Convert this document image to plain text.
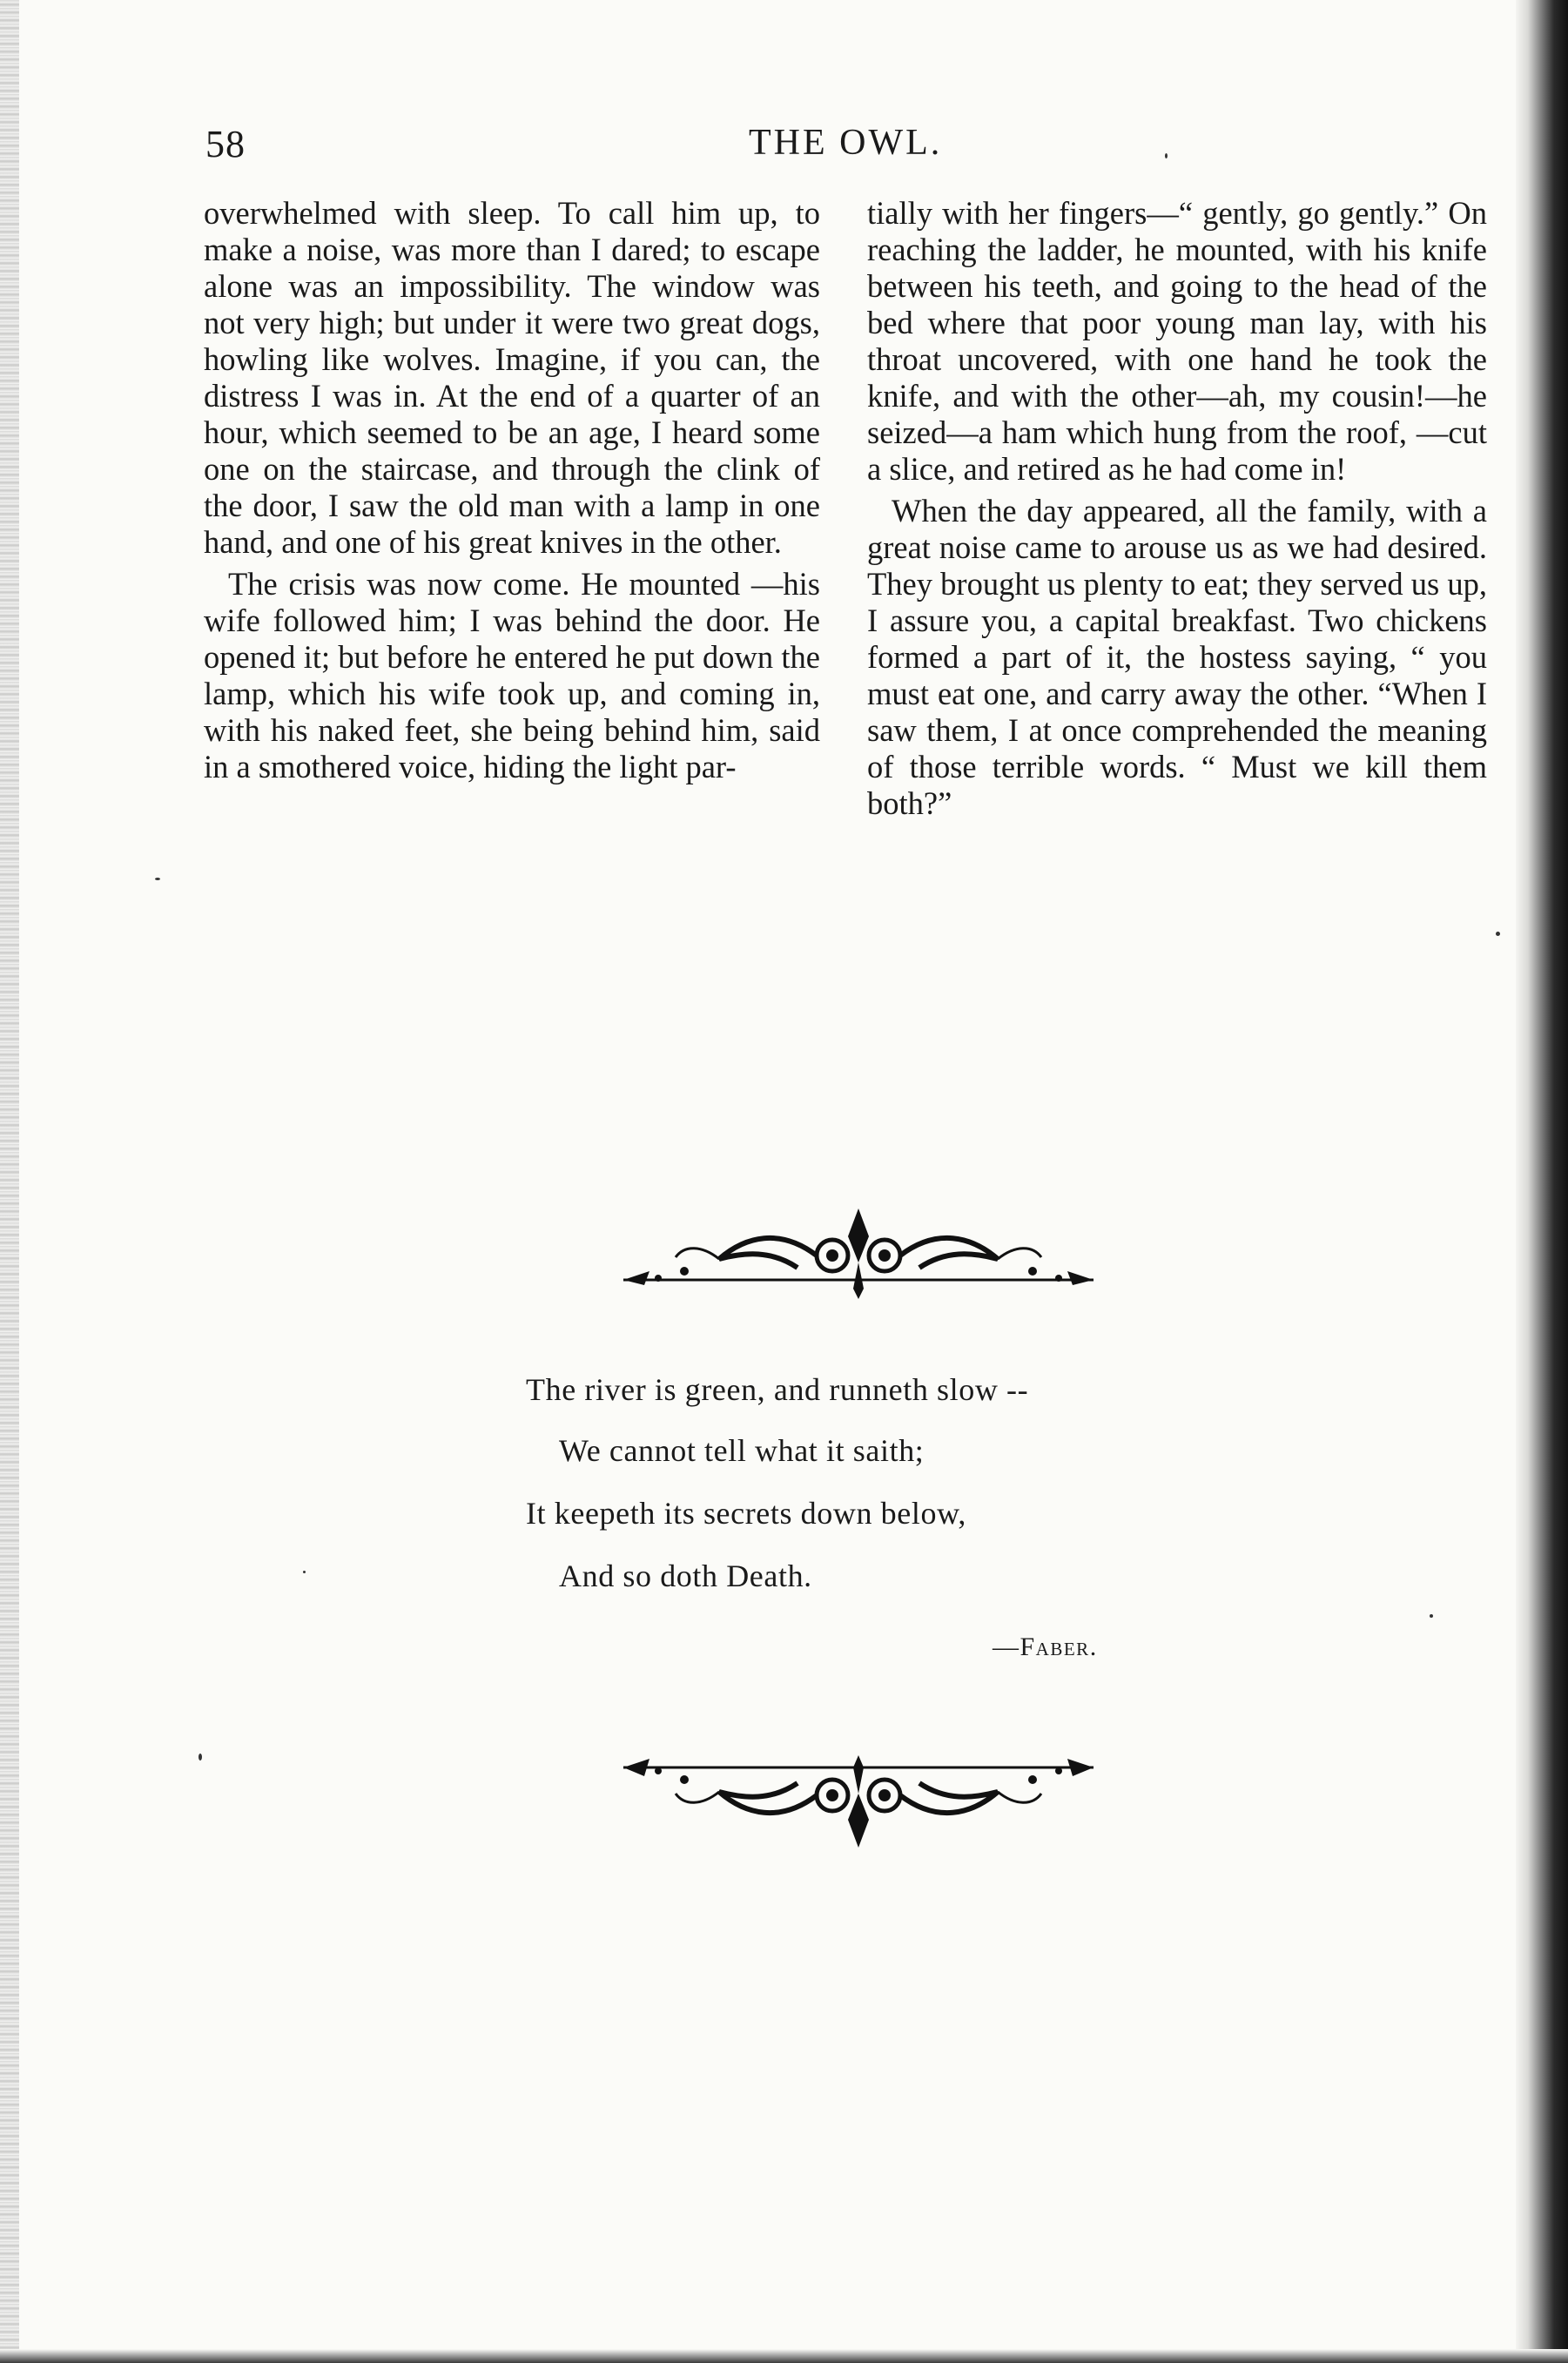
58	THE OWL.

overwhelmed with sleep. To call him up, to make a noise, was more than I dared; to escape alone was an impossibility. The window was not very high; but under it were two great dogs, howling like wolves. Imagine, if you can, the distress I was in. At the end of a quarter of an hour, which seemed to be an age, I heard some one on the staircase, and through the clink of the door, I saw the old man with a lamp in one hand, and one of his great knives in the other.

The crisis was now come. He mounted —his wife followed him; I was behind the door. He opened it; but before he entered he put down the lamp, which his wife took up, and coming in, with his naked feet, she being behind him, said in a smothered voice, hiding the light par-

tially with her fingers—“ gently, go gently.” On reaching the ladder, he mounted, with his knife between his teeth, and going to the head of the bed where that poor young man lay, with his throat uncovered, with one hand he took the knife, and with the other—ah, my cousin!—he seized—a ham which hung from the roof, —cut a slice, and retired as he had come in!

When the day appeared, all the family, with a great noise came to arouse us as we had desired. They brought us plenty to eat; they served us up, I assure you, a capital breakfast. Two chickens formed a part of it, the hostess saying, “ you must eat one, and carry away the other. “When I saw them, I at once comprehended the meaning of those terrible words. “ Must we kill them both?”

The river is green, and runneth slow --
We cannot tell what it saith;
It keepeth its secrets down below,
And so doth Death.
—Faber.
